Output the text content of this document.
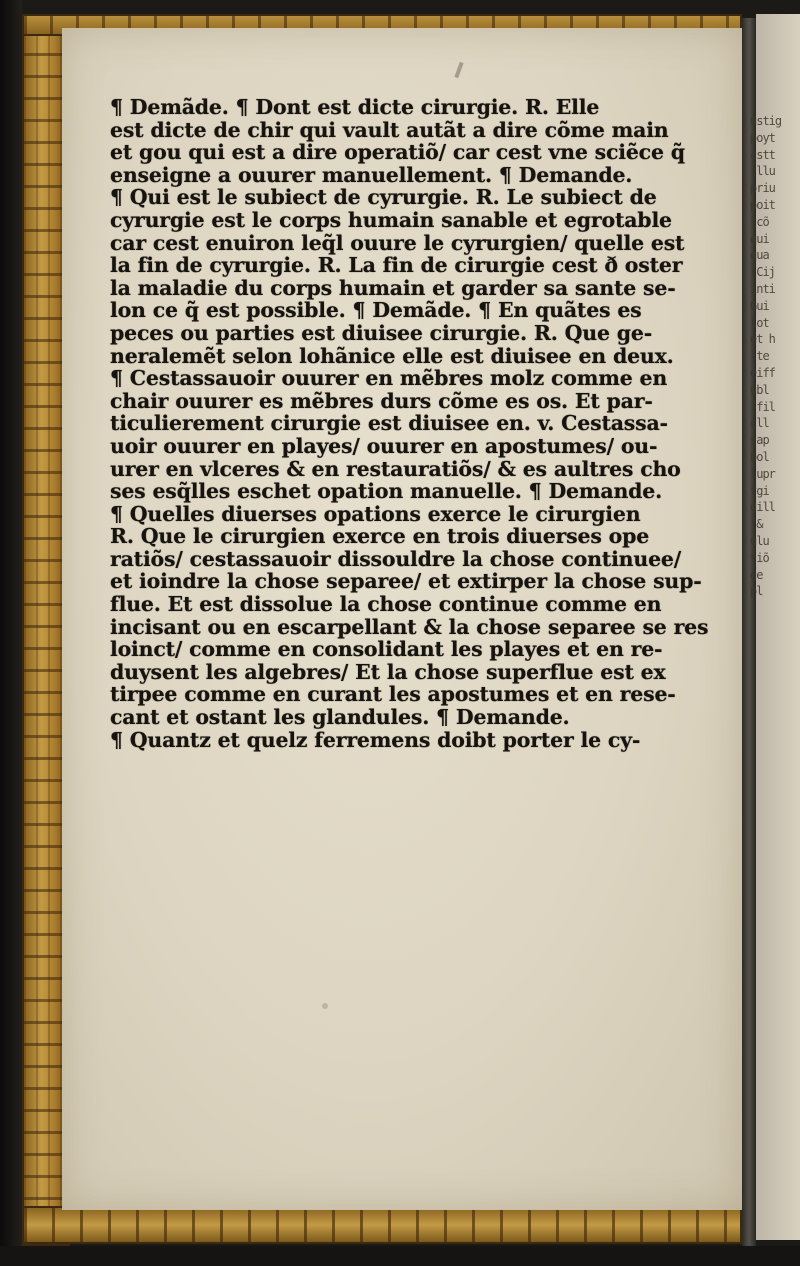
¶ Demãde. ¶ Dont est dicte cirurgie. R. Elle
est dicte de chir qui vault autãt a dire cõme main
et gou qui est a dire operatiõ/ car cest vne sciẽce q̃
enseigne a ouurer manuellement. ¶ Demande.
¶ Qui est le subiect de cyrurgie. R. Le subiect de
cyrurgie est le corps humain sanable et egrotable
car cest enuiron leq̃l ouure le cyrurgien/ quelle est
la fin de cyrurgie. R. La fin de cirurgie cest ð oster
la maladie du corps humain et garder sa sante se-
lon ce q̃ est possible. ¶ Demãde. ¶ En quãtes es
peces ou parties est diuisee cirurgie. R. Que ge-
neralemẽt selon lohãnice elle est diuisee en deux.
¶ Cestassauoir ouurer en mẽbres molz comme en
chair ouurer es mẽbres durs cõme es os. Et par-
ticulierement cirurgie est diuisee en. v. Cestassa-
uoir ouurer en playes/ ouurer en apostumes/ ou-
urer en vlceres & en restauratiõs/ & es aultres cho
ses esq̃lles eschet opation manuelle. ¶ Demande.
¶ Quelles diuerses opations exerce le cirurgien
R. Que le cirurgien exerce en trois diuerses ope
ratiõs/ cestassauoir dissouldre la chose continuee/
et ioindre la chose separee/ et extirper la chose sup-
flue. Et est dissolue la chose continue comme en
incisant ou en escarpellant & la chose separee se res
loinct/ comme en consolidant les playes et en re-
duysent les algebres/ Et la chose superflue est ex
tirpee comme en curant les apostumes et en rese-
cant et ostant les glandules. ¶ Demande.
¶ Quantz et quelz ferremens doibt porter le cy-
ustig
poyt
cstt
(llu
priu
poit
lcõ
qui
qua
(Cij
inti
Gui
lot
et h
lte
eiff
ubl
(fil
cll
sap
bol
lupr
fgi
dill
(&
ulu
tiõ
ge
pl
